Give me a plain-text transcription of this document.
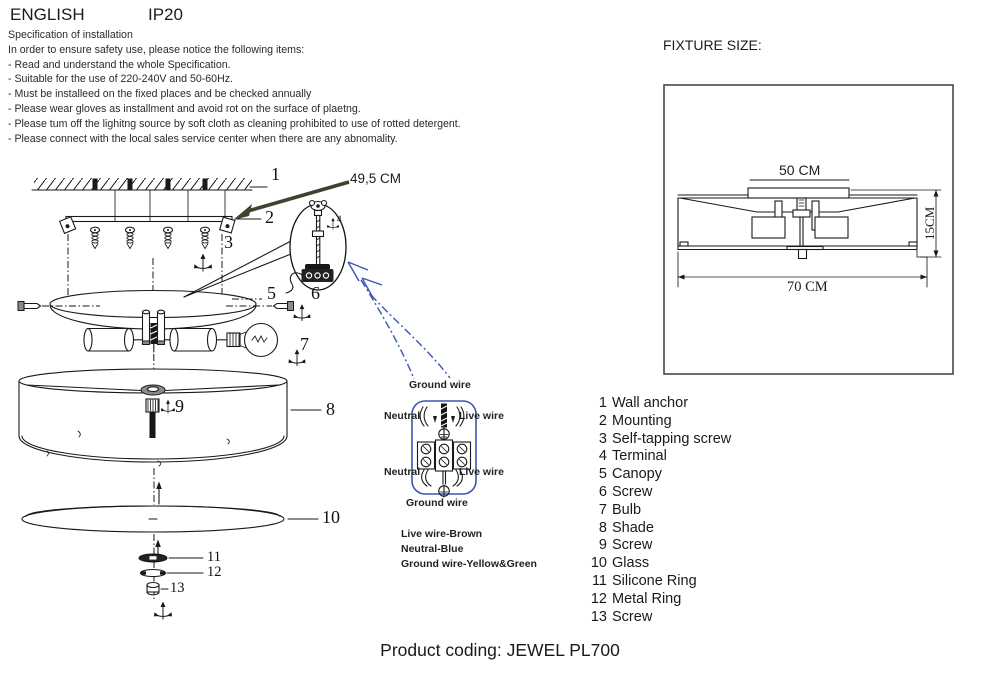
ENGLISH	IP20
Specification of installation
In order to ensure safety use, please notice the following items:
- Read and understand the whole Specification.
- Suitable for the use of 220-240V and 50-60Hz.
- Must be installeed on the fixed places and be checked annually
- Please wear gloves as installment and avoid rot on the surface of plaetng.
- Please tum off the lighitng source by soft cloth as cleaning prohibited to use of rotted detergent.
- Please connect with the local sales service center when there are any abnomality.
1
2
3
4
5 6
7
8
9
10
11
12
13
49,5 CM
Ground wire
Neutral	Live wire
Neutral	Live wire
Ground wire
Live wire-Brown
Neutral-Blue
Ground wire-Yellow&Green
FIXTURE SIZE:
50 CM
15CM
70 CM
1 Wall anchor
2 Mounting
3 Self-tapping screw
4 Terminal
5 Canopy
6 Screw
7 Bulb
8 Shade
9 Screw
10 Glass
11 Silicone Ring
12 Metal Ring
13 Screw
Product coding: JEWEL PL700
